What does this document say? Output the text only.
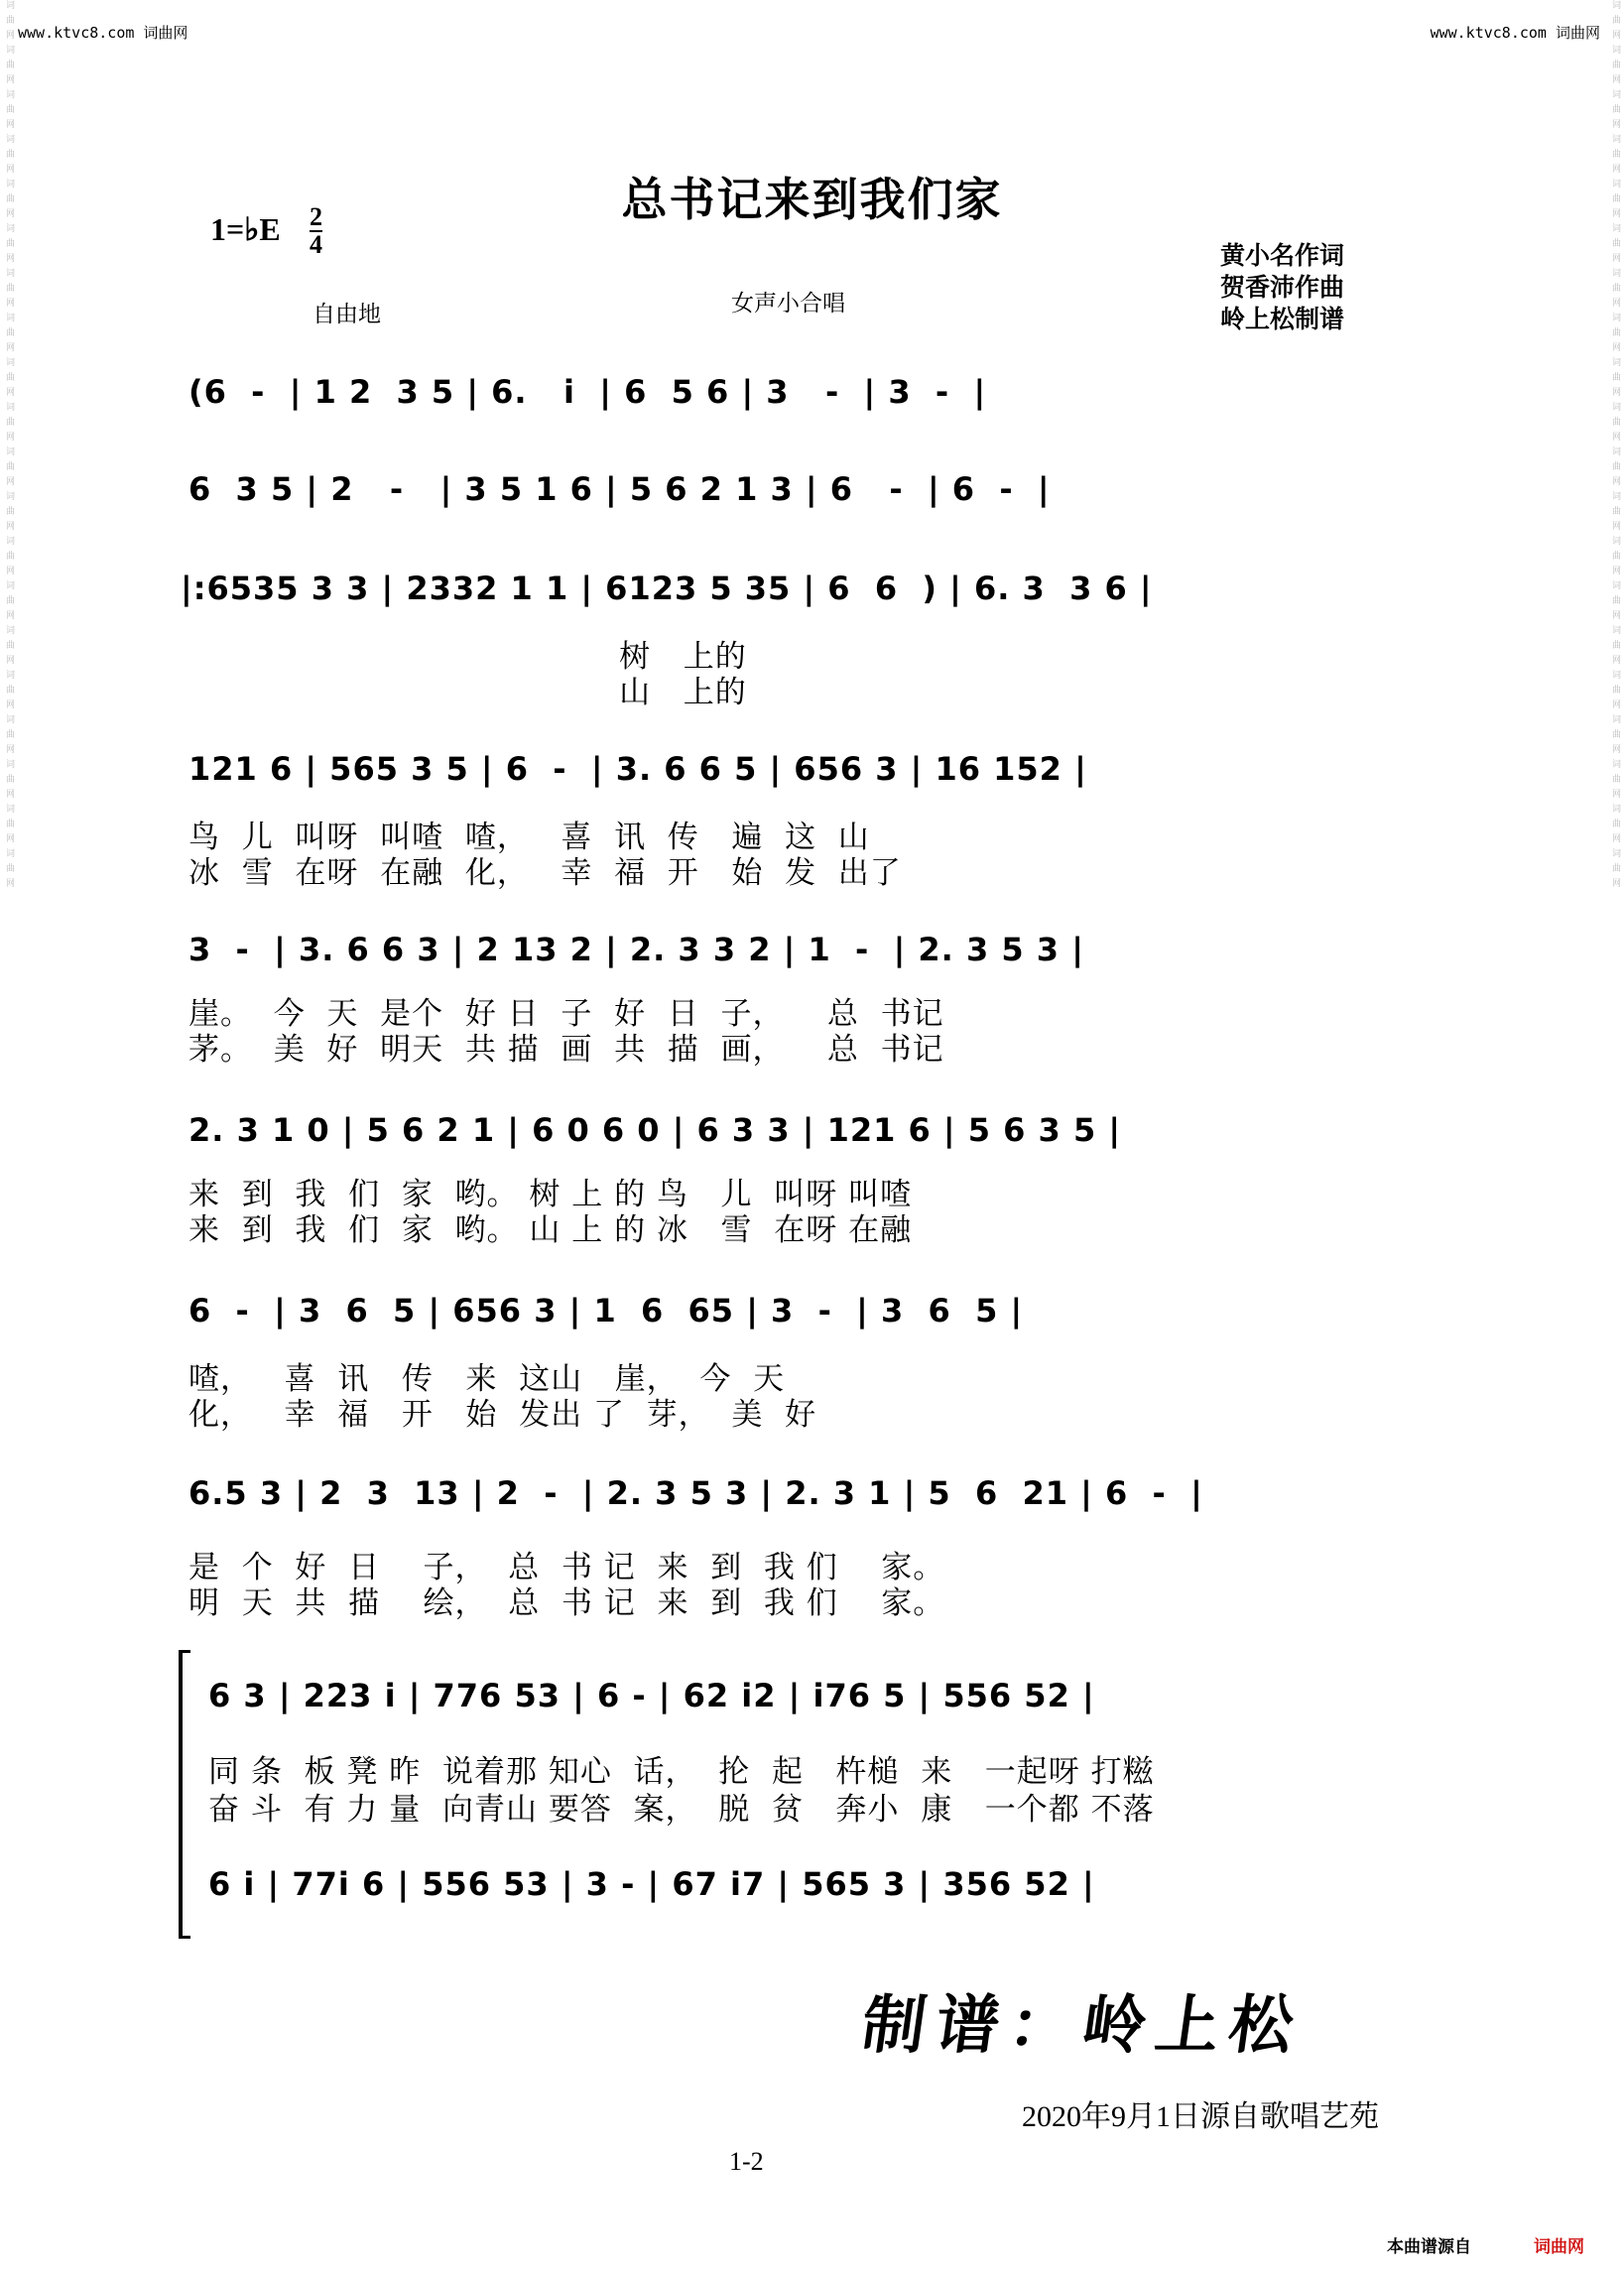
词曲网词曲网词曲网词曲网词曲网词曲网词曲网词曲网词曲网词曲网词曲网词曲网词曲网词曲网词曲网词曲网词曲网词曲网词曲网词曲网	词曲网词曲网词曲网词曲网词曲网词曲网词曲网词曲网词曲网词曲网词曲网词曲网词曲网词曲网词曲网词曲网词曲网词曲网词曲网词曲网
www.ktvc8.com 词曲网	www.ktvc8.com 词曲网
总书记来到我们家
1=♭E 2
4
自由地	女声小合唱
黄小名作词
贺香沛作曲
岭上松制谱
(6  -  | 1 2  3 5 | 6.   i  | 6  5 6 | 3   -  | 3  -  |
6  3 5 | 2   -   | 3 5 1 6 | 5 6 2 1 3 | 6   -  | 6  -  |
|:6535 3 3 | 2332 1 1 | 6123 5 35 | 6  6  ) | 6. 3  3 6 |
树   上的
山   上的
121 6 | 565 3 5 | 6  -  | 3. 6 6 5 | 656 3 | 16 152 |
鸟  儿  叫呀  叫喳  喳，   喜  讯  传   遍  这  山
冰  雪  在呀  在融  化，   幸  福  开   始  发  出了
3  -  | 3. 6 6 3 | 2 13 2 | 2. 3 3 2 | 1  -  | 2. 3 5 3 |
崖。  今  天  是个  好 日  子  好  日  子，    总  书记
茅。  美  好  明天  共 描  画  共  描  画，    总  书记
2. 3 1 0 | 5 6 2 1 | 6 0 6 0 | 6 3 3 | 121 6 | 5 6 3 5 |
来  到  我  们  家  哟。 树 上 的 鸟   儿  叫呀 叫喳
来  到  我  们  家  哟。 山 上 的 冰   雪  在呀 在融
6  -  | 3  6  5 | 656 3 | 1  6  65 | 3  -  | 3  6  5 |
喳，   喜  讯   传   来  这山   崖，  今  天
化，   幸  福   开   始  发出 了  芽，  美  好
6.5 3 | 2  3  13 | 2  -  | 2. 3 5 3 | 2. 3 1 | 5  6  21 | 6  -  |
是  个  好  日    子，  总  书 记  来  到  我 们    家。
明  天  共  描    绘，  总  书 记  来  到  我 们    家。
6 3 | 223 i | 776 53 | 6 - | 62 i2 | i76 5 | 556 52 |
同 条  板 凳 昨  说着那 知心  话，  抡  起   杵槌  来   一起呀 打糍
奋 斗  有 力 量  向青山 要答  案，  脱  贫   奔小  康   一个都 不落
6 i | 77i 6 | 556 53 | 3 - | 67 i7 | 565 3 | 356 52 |
制谱：岭上松
2020年9月1日源自歌唱艺苑
1-2
本曲谱源自	词曲网
